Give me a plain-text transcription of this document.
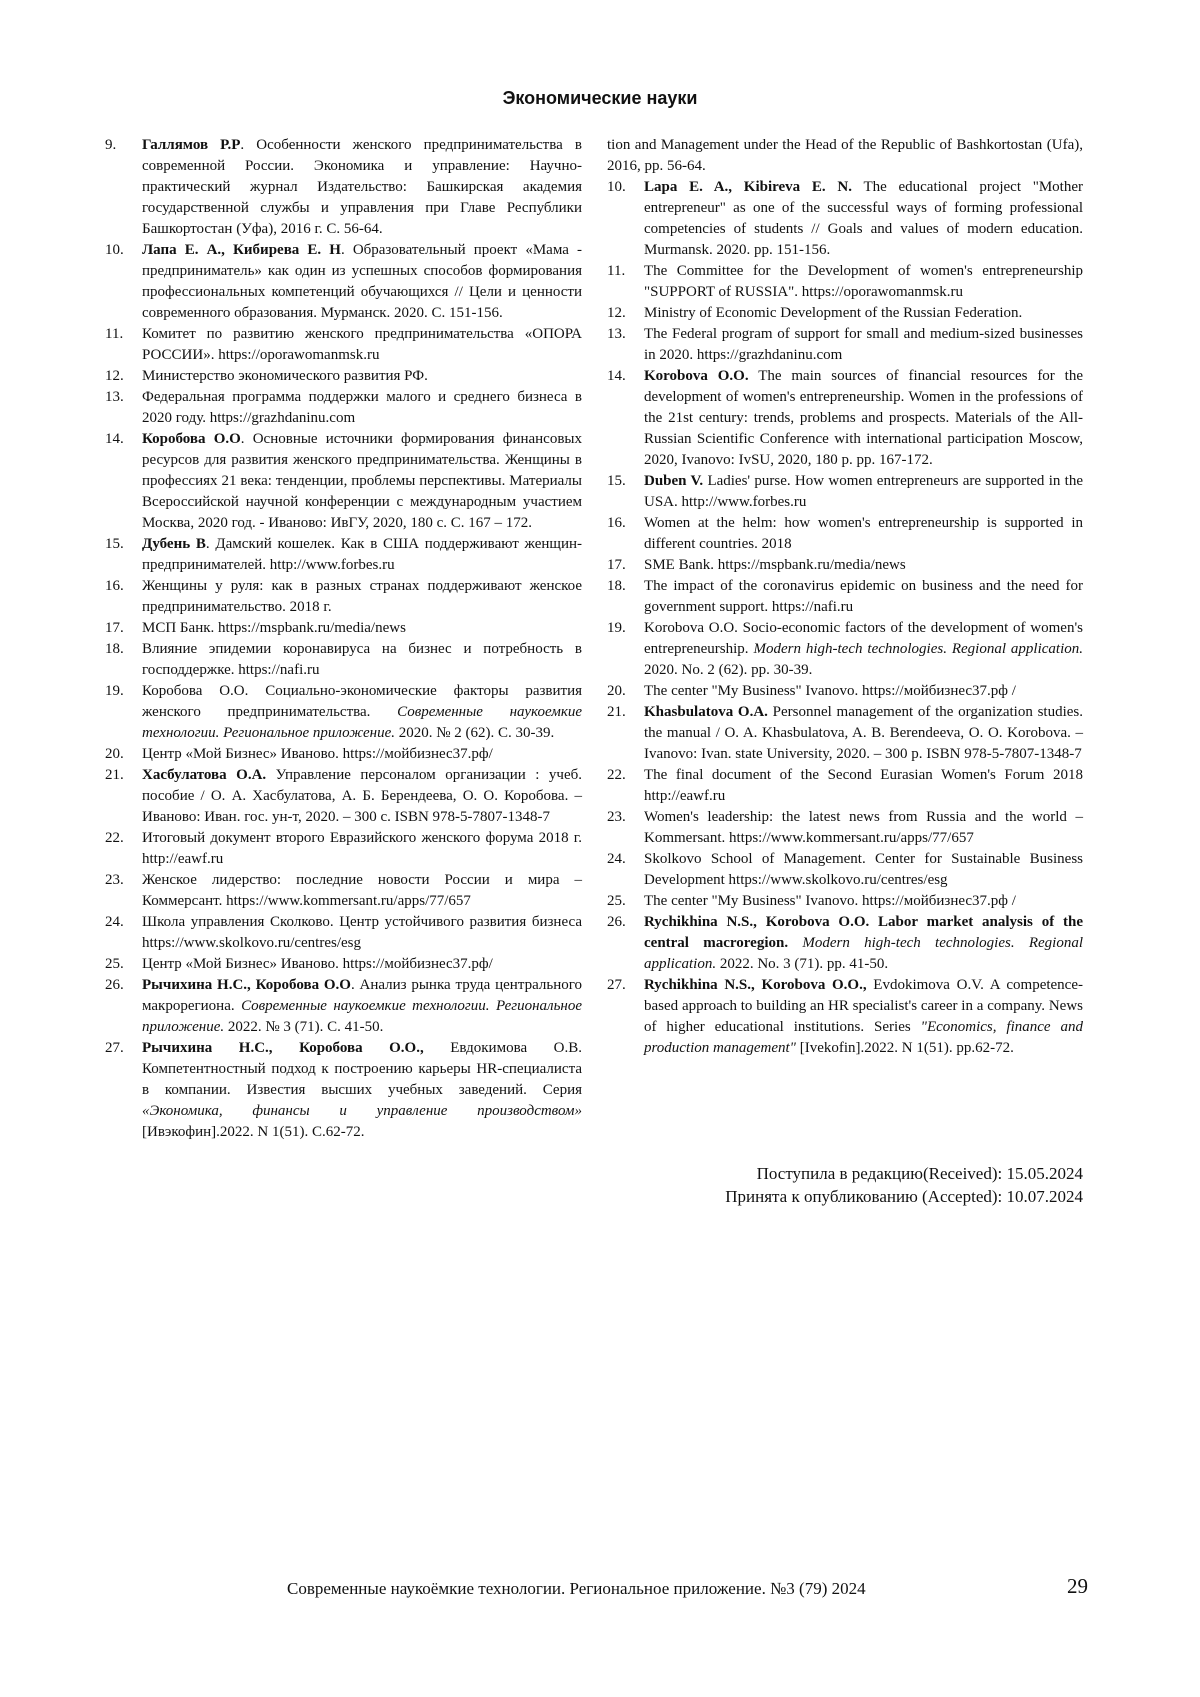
Экономические науки
9. Галлямов Р.Р. Особенности женского предпринимательства в современной России. Экономика и управление: Научно-практический журнал Издательство: Башкирская академия государственной службы и управления при Главе Республики Башкортостан (Уфа), 2016 г. С. 56-64.
10. Лапа Е. А., Кибирева Е. Н. Образовательный проект «Мама - предприниматель» как один из успешных способов формирования профессиональных компетенций обучающихся // Цели и ценности современного образования. Мурманск. 2020. С. 151-156.
11. Комитет по развитию женского предпринимательства «ОПОРА РОССИИ». https://oporawomanmsk.ru
12. Министерство экономического развития РФ.
13. Федеральная программа поддержки малого и среднего бизнеса в 2020 году. https://grazhdaninu.com
14. Коробова О.О. Основные источники формирования финансовых ресурсов для развития женского предпринимательства. Женщины в профессиях 21 века: тенденции, проблемы перспективы. Материалы Всероссийской научной конференции с международным участием Москва, 2020 год. - Иваново: ИвГУ, 2020, 180 с. С. 167 – 172.
15. Дубень В. Дамский кошелек. Как в США поддерживают женщин-предпринимателей. http://www.forbes.ru
16. Женщины у руля: как в разных странах поддерживают женское предпринимательство. 2018 г.
17. МСП Банк. https://mspbank.ru/media/news
18. Влияние эпидемии коронавируса на бизнес и потребность в господдержке. https://nafi.ru
19. Коробова О.О. Социально-экономические факторы развития женского предпринимательства. Современные наукоемкие технологии. Региональное приложение. 2020. № 2 (62). С. 30-39.
20. Центр «Мой Бизнес» Иваново. https://мойбизнес37.рф/
21. Хасбулатова О.А. Управление персоналом организации : учеб. пособие / О. А. Хасбулатова, А. Б. Берендеева, О. О. Коробова. – Иваново: Иван. гос. ун-т, 2020. – 300 с. ISBN 978-5-7807-1348-7
22. Итоговый документ второго Евразийского женского форума 2018 г. http://eawf.ru
23. Женское лидерство: последние новости России и мира – Коммерсант. https://www.kommersant.ru/apps/77/657
24. Школа управления Сколково. Центр устойчивого развития бизнеса https://www.skolkovo.ru/centres/esg
25. Центр «Мой Бизнес» Иваново. https://мойбизнес37.рф/
26. Рычихина Н.С., Коробова О.О. Анализ рынка труда центрального макрорегиона. Современные наукоемкие технологии. Региональное приложение. 2022. № 3 (71). С. 41-50.
27. Рычихина Н.С., Коробова О.О., Евдокимова О.В. Компетентностный подход к построению карьеры HR-специалиста в компании. Известия высших учебных заведений. Серия «Экономика, финансы и управление производством» [Ивэкофин].2022. N 1(51). С.62-72.
tion and Management under the Head of the Republic of Bashkortostan (Ufa), 2016, pp. 56-64.
10. Lapa E. A., Kibireva E. N. The educational project "Mother entrepreneur" as one of the successful ways of forming professional competencies of students // Goals and values of modern education. Murmansk. 2020. pp. 151-156.
11. The Committee for the Development of women's entrepreneurship "SUPPORT of RUSSIA". https://oporawomanmsk.ru
12. Ministry of Economic Development of the Russian Federation.
13. The Federal program of support for small and medium-sized businesses in 2020. https://grazhdaninu.com
14. Korobova O.O. The main sources of financial resources for the development of women's entrepreneurship. Women in the professions of the 21st century: trends, problems and prospects. Materials of the All-Russian Scientific Conference with international participation Moscow, 2020, Ivanovo: IvSU, 2020, 180 p. pp. 167-172.
15. Duben V. Ladies' purse. How women entrepreneurs are supported in the USA. http://www.forbes.ru
16. Women at the helm: how women's entrepreneurship is supported in different countries. 2018
17. SME Bank. https://mspbank.ru/media/news
18. The impact of the coronavirus epidemic on business and the need for government support. https://nafi.ru
19. Korobova O.O. Socio-economic factors of the development of women's entrepreneurship. Modern high-tech technologies. Regional application. 2020. No. 2 (62). pp. 30-39.
20. The center "My Business" Ivanovo. https://мойбизнес37.рф /
21. Khasbulatova O.A. Personnel management of the organization studies. the manual / O. A. Khasbulatova, A. B. Berendeeva, O. O. Korobova. – Ivanovo: Ivan. state University, 2020. – 300 p. ISBN 978-5-7807-1348-7
22. The final document of the Second Eurasian Women's Forum 2018 http://eawf.ru
23. Women's leadership: the latest news from Russia and the world – Kommersant. https://www.kommersant.ru/apps/77/657
24. Skolkovo School of Management. Center for Sustainable Business Development https://www.skolkovo.ru/centres/esg
25. The center "My Business" Ivanovo. https://мойбизнес37.рф /
26. Rychikhina N.S., Korobova O.O. Labor market analysis of the central macroregion. Modern high-tech technologies. Regional application. 2022. No. 3 (71). pp. 41-50.
27. Rychikhina N.S., Korobova O.O., Evdokimova O.V. A competence-based approach to building an HR specialist's career in a company. News of higher educational institutions. Series "Economics, finance and production management" [Ivekofin].2022. N 1(51). pp.62-72.
Поступила в редакцию(Received): 15.05.2024
Принята к опубликованию (Accepted): 10.07.2024
Современные наукоёмкие технологии. Региональное приложение. №3 (79) 2024	29
